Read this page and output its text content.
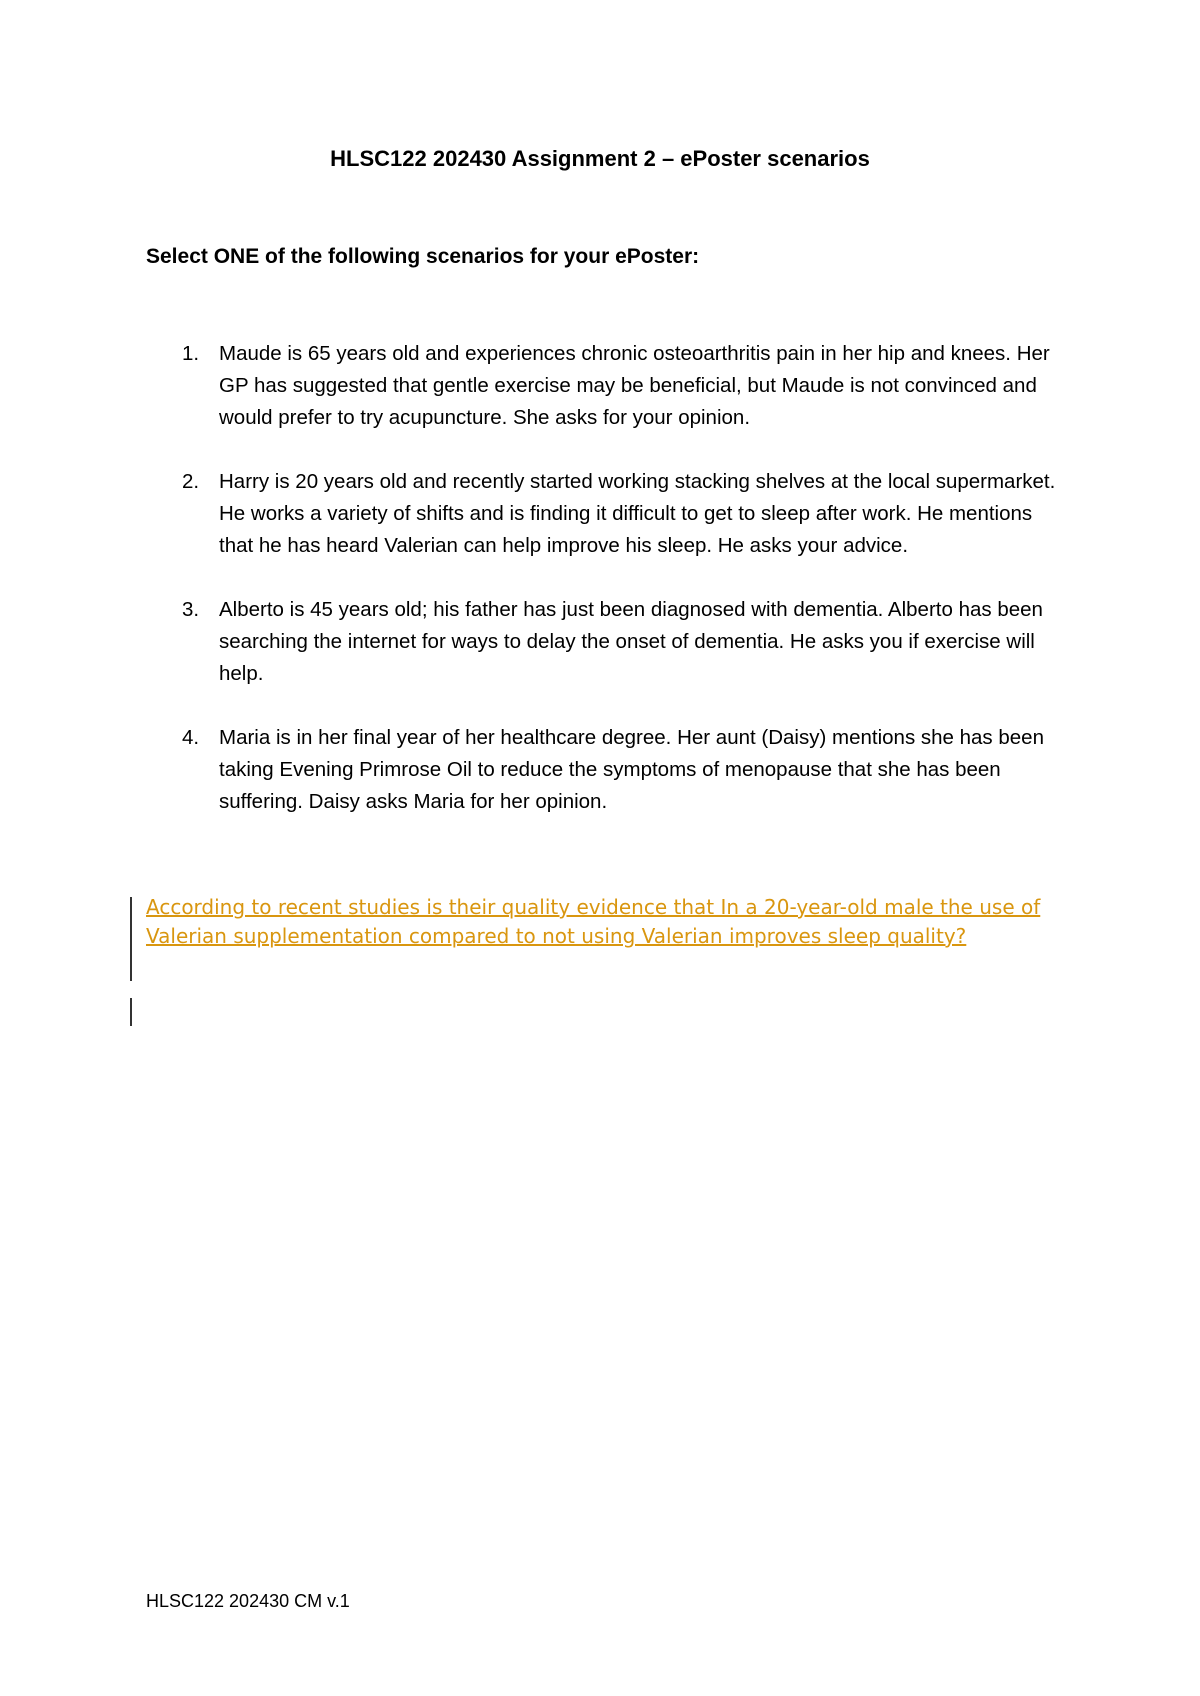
HLSC122 202430 Assignment 2 – ePoster scenarios
Select ONE of the following scenarios for your ePoster:
1. Maude is 65 years old and experiences chronic osteoarthritis pain in her hip and knees. Her GP has suggested that gentle exercise may be beneficial, but Maude is not convinced and would prefer to try acupuncture. She asks for your opinion.
2. Harry is 20 years old and recently started working stacking shelves at the local supermarket. He works a variety of shifts and is finding it difficult to get to sleep after work. He mentions that he has heard Valerian can help improve his sleep. He asks your advice.
3. Alberto is 45 years old; his father has just been diagnosed with dementia. Alberto has been searching the internet for ways to delay the onset of dementia. He asks you if exercise will help.
4. Maria is in her final year of her healthcare degree. Her aunt (Daisy) mentions she has been taking Evening Primrose Oil to reduce the symptoms of menopause that she has been suffering. Daisy asks Maria for her opinion.
According to recent studies is their quality evidence that In a 20-year-old male the use of Valerian supplementation compared to not using Valerian improves sleep quality?
HLSC122 202430 CM v.1
